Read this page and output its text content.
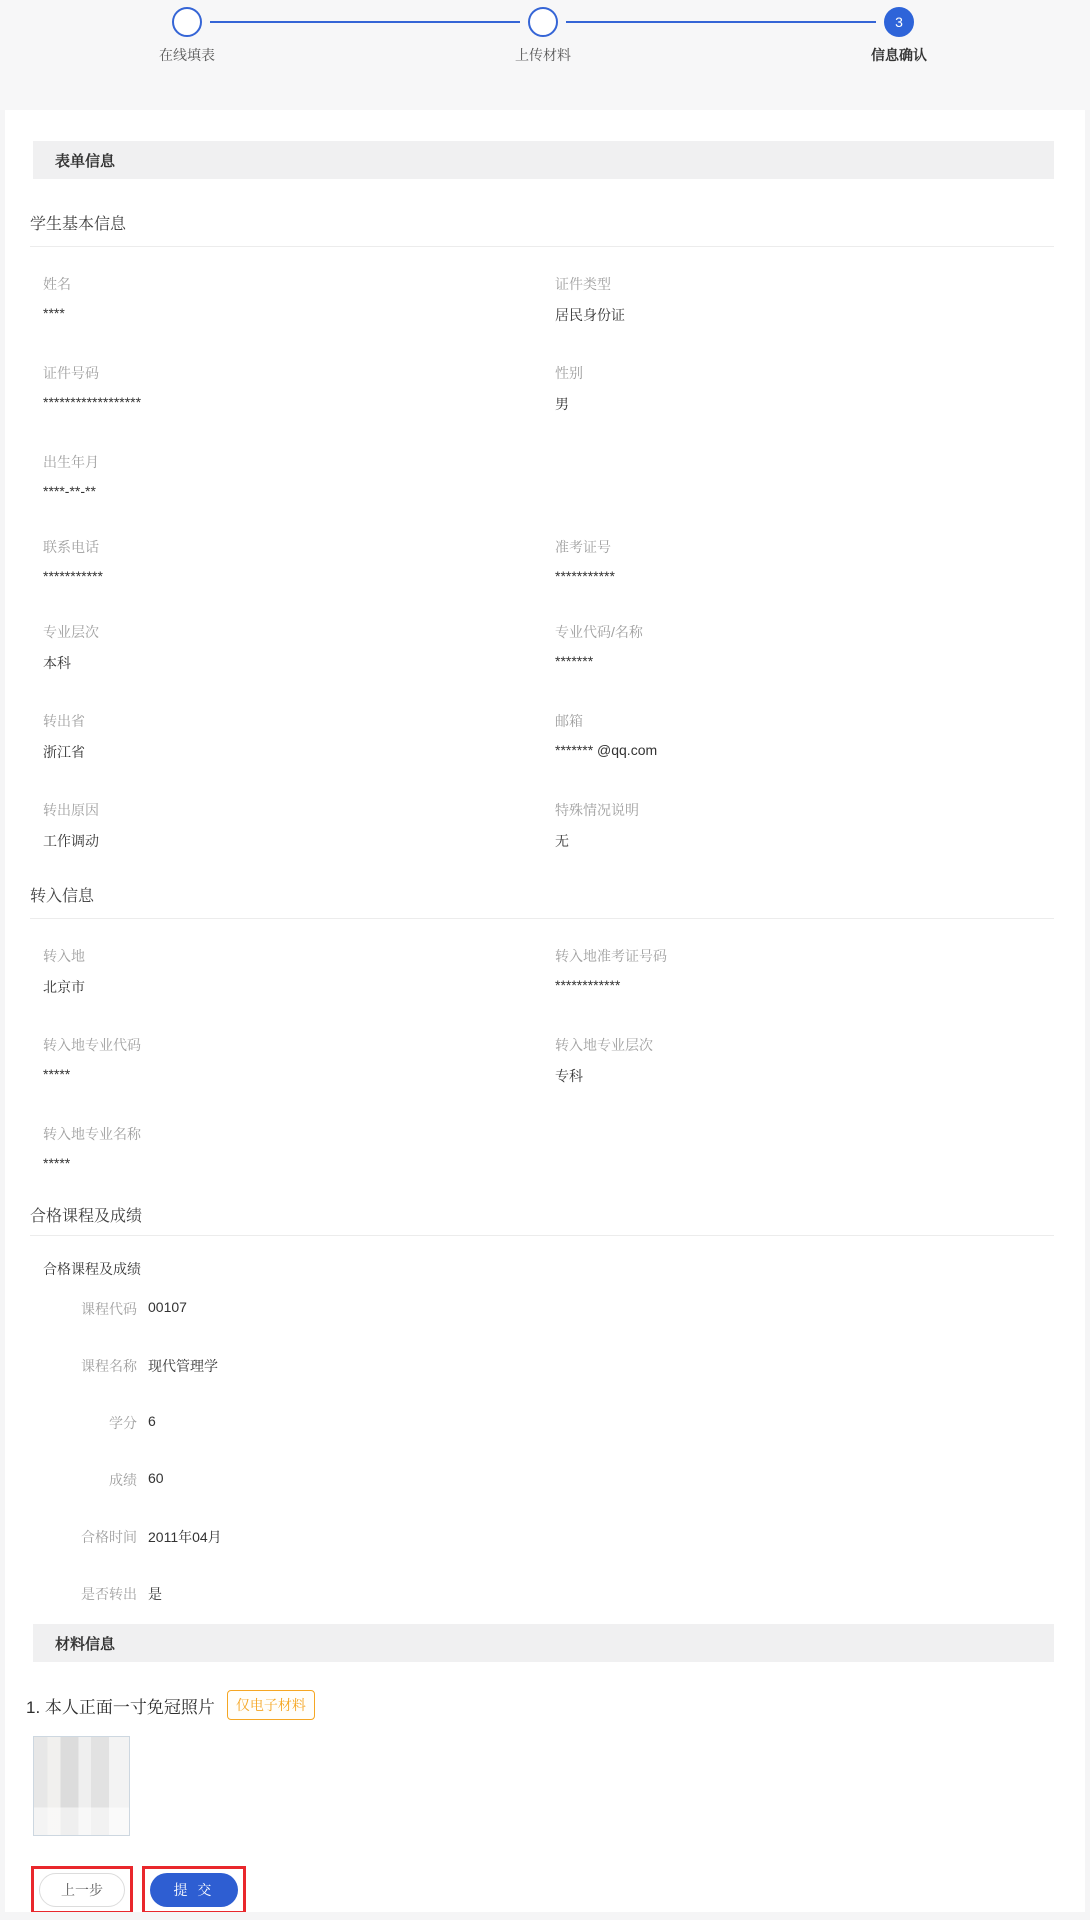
3
在线填表	上传材料	信息确认
表单信息
学生基本信息
姓名
****
证件类型
居民身份证
证件号码
******************
性别
男
出生年月
****-**-**
联系电话
***********
准考证号
***********
专业层次
本科
专业代码/名称
*******
转出省
浙江省
邮箱
******* @qq.com
转出原因
工作调动
特殊情况说明
无
转入信息
转入地
北京市
转入地准考证号码
************
转入地专业代码
*****
转入地专业层次
专科
转入地专业名称
*****
合格课程及成绩
合格课程及成绩
课程代码 00107
课程名称 现代管理学
学分 6
成绩 60
合格时间 2011年04月
是否转出 是
材料信息
1. 本人正面一寸免冠照片	仅电子材料
上一步	提 交
